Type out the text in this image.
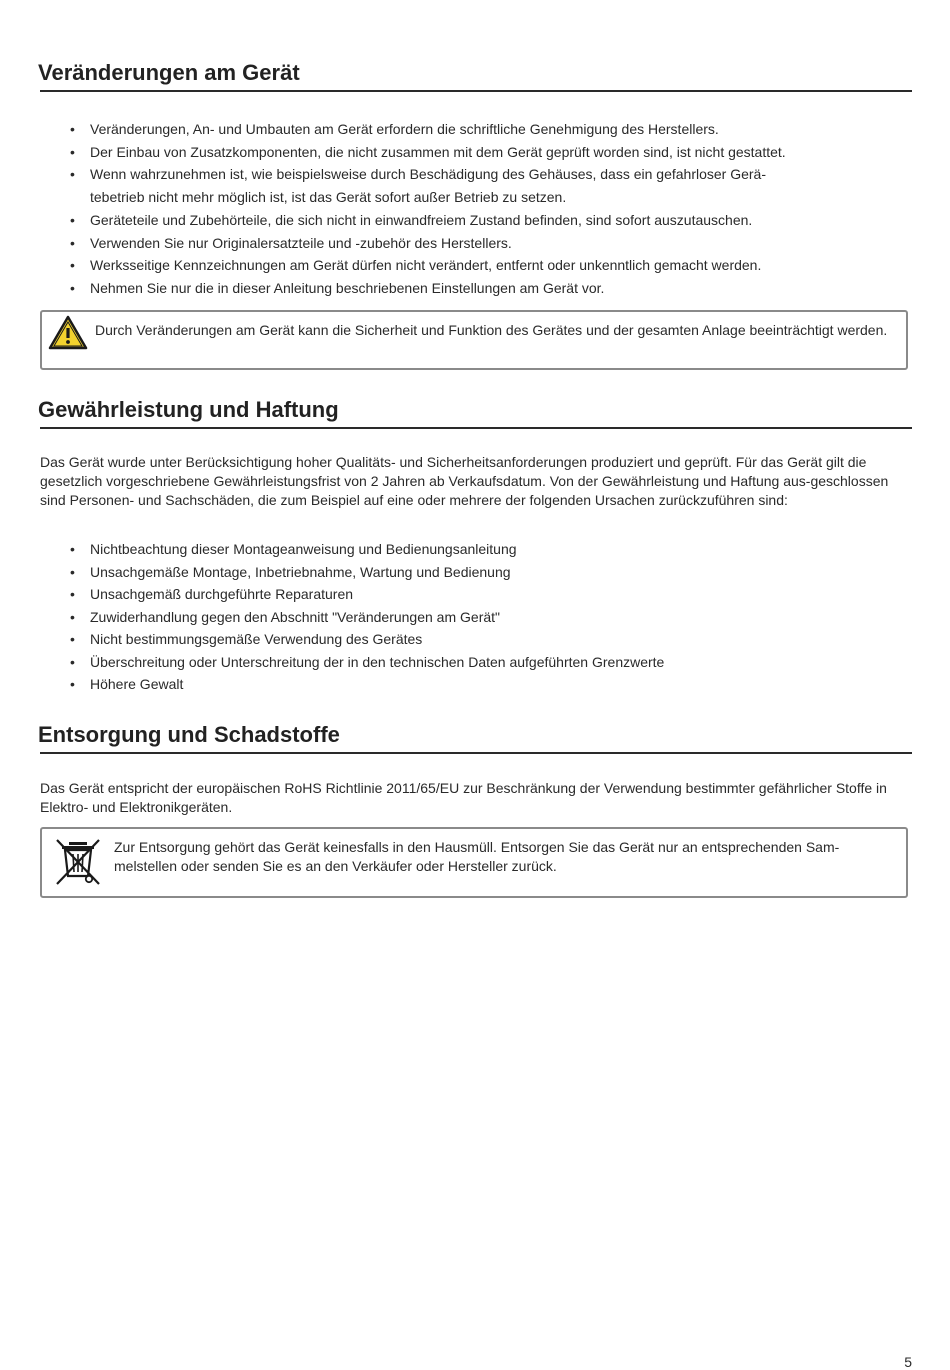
Veränderungen am Gerät
• Veränderungen, An- und Umbauten am Gerät erfordern die schriftliche Genehmigung des Herstellers.
• Der Einbau von Zusatzkomponenten, die nicht zusammen mit dem Gerät geprüft worden sind, ist nicht gestattet.
• Wenn wahrzunehmen ist, wie beispielsweise durch Beschädigung des Gehäuses, dass ein gefahrloser Gerä-
tebetrieb nicht mehr möglich ist, ist das Gerät sofort außer Betrieb zu setzen.
• Geräteteile und Zubehörteile, die sich nicht in einwandfreiem Zustand befinden, sind sofort auszutauschen.
• Verwenden Sie nur Originalersatzteile und -zubehör des Herstellers.
• Werksseitige Kennzeichnungen am Gerät dürfen nicht verändert, entfernt oder unkenntlich gemacht werden.
• Nehmen Sie nur die in dieser Anleitung beschriebenen Einstellungen am Gerät vor.

Durch Veränderungen am Gerät kann die Sicherheit und Funktion des Gerätes und der gesamten Anlage beeinträchtigt werden.

Gewährleistung und Haftung

Das Gerät wurde unter Berücksichtigung hoher Qualitäts- und Sicherheitsanforderungen produziert und geprüft. Für das Gerät gilt die gesetzlich vorgeschriebene Gewährleistungsfrist von 2 Jahren ab Verkaufsdatum. Von der Gewährleistung und Haftung aus-geschlossen sind Personen- und Sachschäden, die zum Beispiel auf eine oder mehrere der folgenden Ursachen zurückzuführen sind:

• Nichtbeachtung dieser Montageanweisung und Bedienungsanleitung
• Unsachgemäße Montage, Inbetriebnahme, Wartung und Bedienung
• Unsachgemäß durchgeführte Reparaturen
• Zuwiderhandlung gegen den Abschnitt "Veränderungen am Gerät"
• Nicht bestimmungsgemäße Verwendung des Gerätes
• Überschreitung oder Unterschreitung der in den technischen Daten aufgeführten Grenzwerte
• Höhere Gewalt
Entsorgung und Schadstoffe

Das Gerät entspricht der europäischen RoHS Richtlinie 2011/65/EU zur Beschränkung der Verwendung bestimmter gefährlicher Stoffe in Elektro- und Elektronikgeräten.

Zur Entsorgung gehört das Gerät keinesfalls in den Hausmüll. Entsorgen Sie das Gerät nur an entsprechenden Sam-melstellen oder senden Sie es an den Verkäufer oder Hersteller zurück.

5
